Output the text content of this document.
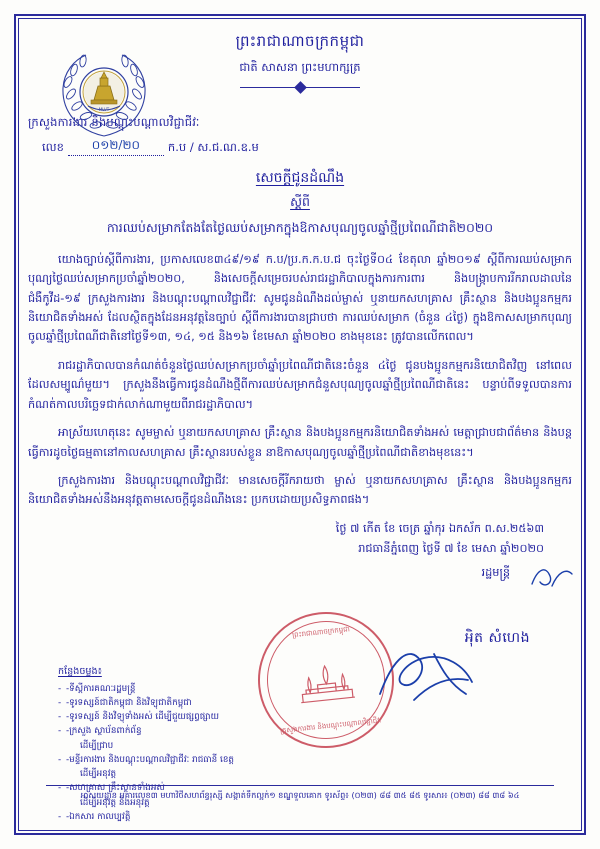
MLVT
ព្រះរាជាណាចក្រកម្ពុជា
ជាតិ សាសនា ព្រះមហាក្សត្រ
ក្រសួងការងារ និងបណ្ដុះបណ្ដាលវិជ្ជាជីវៈ
លេខ	០១២/២០	ក.ប / ស.ជ.ណ.ឧ.ម
សេចក្ដីជូនដំណឹង
ស្ដីពី
ការឈប់សម្រាកតែងតែថ្ងៃឈប់សម្រាកក្នុងឱកាសបុណ្យចូលឆ្នាំថ្មីប្រពៃណីជាតិ២០២០

យោងច្បាប់ស្ដីពីការងារ, ប្រកាសលេខ៣៤៩/១៩ ក.ប/ប្រ.ក.ក.ប.ជ ចុះថ្ងៃទី០៤ ខែតុលា ឆ្នាំ២០១៩ ស្ដីពីការឈប់សម្រាកបុណ្យថ្ងៃឈប់សម្រាកប្រចាំឆ្នាំ២០២០, និងសេចក្ដីសម្រេចរបស់រាជរដ្ឋាភិបាលក្នុងការការពារ និងបង្ក្រាបការរីករាលដាលនៃជំងឺកូវីដ-១៩ ក្រសួងការងារ និងបណ្ដុះបណ្ដាលវិជ្ជាជីវៈ សូមជូនដំណឹងដល់ម្ចាស់ ឬនាយកសហគ្រាស គ្រឹះស្ថាន និងបងប្អូនកម្មករនិយោជិតទាំងអស់ ដែលស្ថិតក្នុងដែនអនុវត្តនៃច្បាប់ ស្ដីពីការងារបានជ្រាបថា ការឈប់សម្រាក (ចំនួន ៤ថ្ងៃ) ក្នុងឱកាសសម្រាកបុណ្យចូលឆ្នាំថ្មីប្រពៃណីជាតិនៅថ្ងៃទី១៣, ១៤, ១៥ និង១៦ ខែមេសា ឆ្នាំ២០២០ ខាងមុខនេះ ត្រូវបានលើកពេល។

រាជរដ្ឋាភិបាលបានកំណត់ចំនួនថ្ងៃឈប់សម្រាកប្រចាំឆ្នាំប្រពៃណីជាតិនេះចំនួន ៤ថ្ងៃ ជូនបងប្អូនកម្មករនិយោជិតវិញ នៅពេលដែលសម្បូណ៌មួយ។ ក្រសួងនឹងធ្វើការជូនដំណឹងថ្មីពីការឈប់សម្រាកជំនួសបុណ្យចូលឆ្នាំថ្មីប្រពៃណីជាតិនេះ បន្ទាប់ពីទទួលបានការកំណត់កាលបរិច្ឆេទជាក់លាក់ណាមួយពីរាជរដ្ឋាភិបាល។

អាស្រ័យហេតុនេះ សូមម្ចាស់ ឬនាយកសហគ្រាស គ្រឹះស្ថាន និងបងប្អូនកម្មករនិយោជិតទាំងអស់ មេត្តាជ្រាបជាព័ត៌មាន និងបន្តធ្វើការដូចថ្ងៃធម្មតានៅកាលសហគ្រាស គ្រឹះស្ថានរបស់ខ្លួន នាឱកាសបុណ្យចូលឆ្នាំថ្មីប្រពៃណីជាតិខាងមុខនេះ។

ក្រសួងការងារ និងបណ្ដុះបណ្ដាលវិជ្ជាជីវៈ មានសេចក្ដីរីករាយថា ម្ចាស់ ឬនាយកសហគ្រាស គ្រឹះស្ថាន និងបងប្អូនកម្មករនិយោជិតទាំងអស់នឹងអនុវត្តតាមសេចក្ដីជូនដំណឹងនេះ ប្រកបដោយប្រសិទ្ធភាពផង។

ថ្ងៃ ៧ កើត ខែ ចេត្រ ឆ្នាំកុរ ឯកស័ក ព.ស.២៥៦៣
រាជធានីភ្នំពេញ ថ្ងៃទី ៧ ខែ មេសា ឆ្នាំ២០២០
រដ្ឋមន្ត្រី
អុិត សំហេង
កន្លែងចម្លង៖
- -ទីស្ដីការគណៈរដ្ឋមន្ត្រី
- -ទូរទស្សន៍ជាតិកម្ពុជា និងវិទ្យុជាតិកម្ពុជា
- -ទូរទស្សន៍ និងវិទ្យុទាំងអស់ ដើម្បីជួយផ្សព្វផ្សាយ
- -ក្រសួង ស្ថាប័នពាក់ព័ន្ធ
ដើម្បីជ្រាប
- -មន្ទីរការងារ និងបណ្ដុះបណ្ដាលវិជ្ជាជីវៈ រាជធានី ខេត្ត
ដើម្បីអនុវត្ត
- -សហគ្រាស គ្រឹះស្ថានទាំងអស់
ដើម្បីអនុវត្ត និងអនុវត្ត
- -ឯកសារ កាលប្បវត្តិ
អាសយដ្ឋាន អគារលេខ៣ មហាវិថីសហព័ន្ធរុស្សី សង្កាត់ទឹកល្អក់១ ខណ្ឌទួលគោក ទូរស័ព្ទ៖ (០២៣) ៨៨ ៣៥ ៨៥ ទូរសារ៖ (០២៣) ៨៨ ៣៨ ៦៤
ព្រះរាជាណាចក្រកម្ពុជា
ក្រសួងការងារ និងបណ្ដុះបណ្ដាលវិជ្ជាជីវៈ
